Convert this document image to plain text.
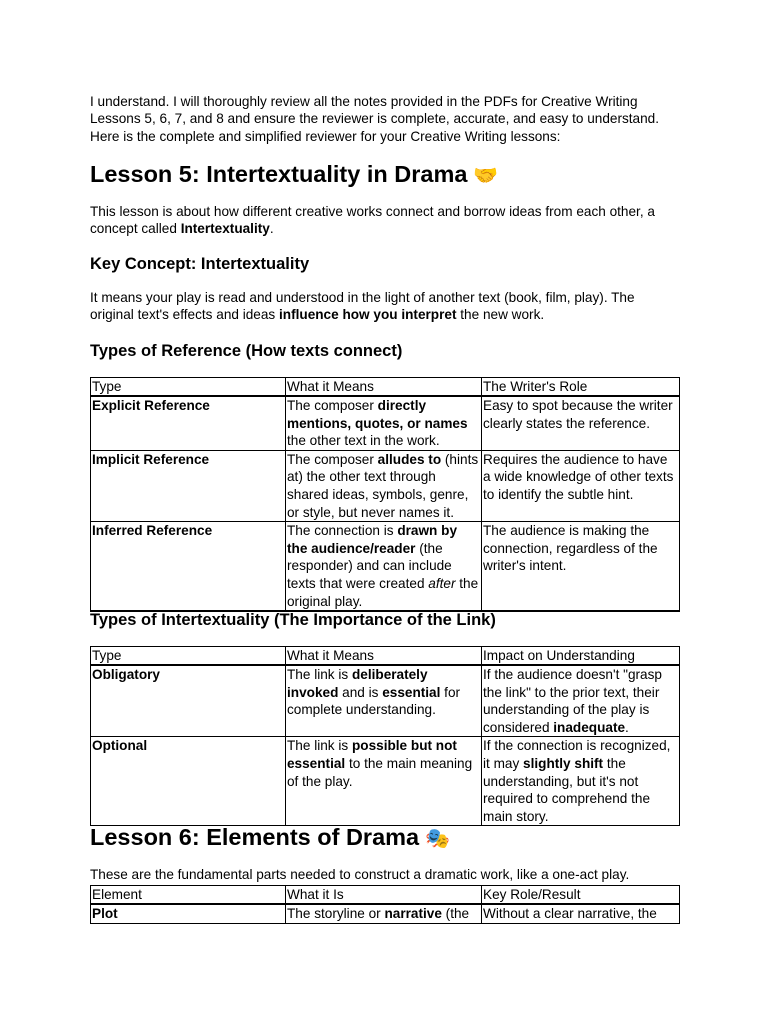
I understand. I will thoroughly review all the notes provided in the PDFs for Creative Writing

Lessons 5, 6, 7, and 8 and ensure the reviewer is complete, accurate, and easy to understand.

Here is the complete and simplified reviewer for your Creative Writing lessons:

Lesson 5: Intertextuality in Drama 🤝

This lesson is about how different creative works connect and borrow ideas from each other, a concept called Intertextuality.

Key Concept: Intertextuality

It means your play is read and understood in the light of another text (book, film, play). The original text's effects and ideas influence how you interpret the new work.

Types of Reference (How texts connect)
Type	What it Means	The Writer's Role
Explicit Reference	The composer directly mentions, quotes, or names the other text in the work.	Easy to spot because the writer clearly states the reference.
Implicit Reference	The composer alludes to (hints at) the other text through shared ideas, symbols, genre, or style, but never names it.	Requires the audience to have a wide knowledge of other texts to identify the subtle hint.
Inferred Reference	The connection is drawn by the audience/reader (the responder) and can include texts that were created after the original play.	The audience is making the connection, regardless of the writer's intent.
Types of Intertextuality (The Importance of the Link)
Type	What it Means	Impact on Understanding
Obligatory	The link is deliberately invoked and is essential for complete understanding.	If the audience doesn't "grasp the link" to the prior text, their understanding of the play is considered inadequate.
Optional	The link is possible but not essential to the main meaning of the play.	If the connection is recognized, it may slightly shift the understanding, but it's not required to comprehend the main story.
Lesson 6: Elements of Drama 🎭

These are the fundamental parts needed to construct a dramatic work, like a one-act play.

Element	What it Is	Key Role/Result
Plot	The storyline or narrative (the	Without a clear narrative, the
